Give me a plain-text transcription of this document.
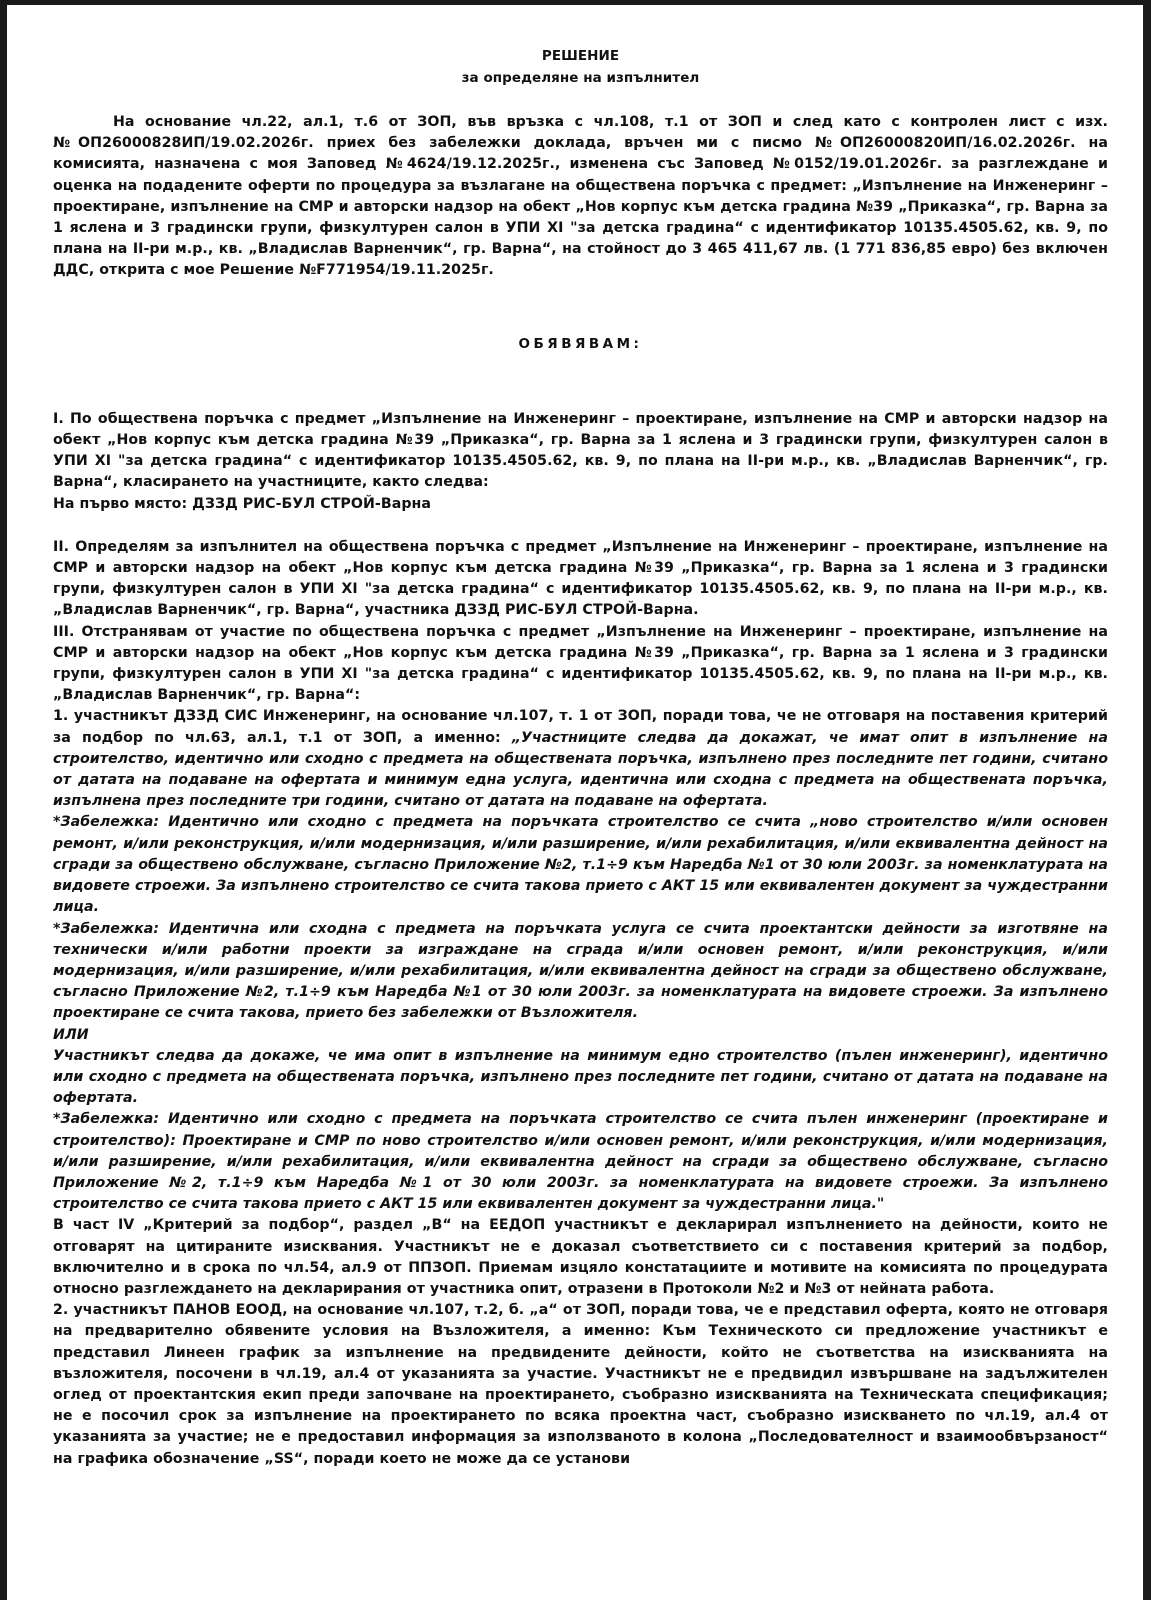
РЕШЕНИЕ
за определяне на изпълнител

На основание чл.22, ал.1, т.6 от ЗОП, във връзка с чл.108, т.1 от ЗОП и след като с контролен лист с изх. №ОП26000828ИП/19.02.2026г. приех без забележки доклада, връчен ми с писмо №ОП26000820ИП/16.02.2026г. на комисията, назначена с моя Заповед №4624/19.12.2025г., изменена със Заповед №0152/19.01.2026г. за разглеждане и оценка на подадените оферти по процедура за възлагане на обществена поръчка с предмет: „Изпълнение на Инженеринг – проектиране, изпълнение на СМР и авторски надзор на обект „Нов корпус към детска градина №39 „Приказка“, гр. Варна за 1 яслена и 3 градински групи, физкултурен салон в УПИ XI "за детска градина“ с идентификатор 10135.4505.62, кв. 9, по плана на II-ри м.р., кв. „Владислав Варненчик“, гр. Варна“, на стойност до 3 465 411,67 лв. (1 771 836,85 евро) без включен ДДС, открита с мое Решение №F771954/19.11.2025г.

ОБЯВЯВАМ:

I. По обществена поръчка с предмет „Изпълнение на Инженеринг – проектиране, изпълнение на СМР и авторски надзор на обект „Нов корпус към детска градина №39 „Приказка“, гр. Варна за 1 яслена и 3 градински групи, физкултурен салон в УПИ XI "за детска градина“ с идентификатор 10135.4505.62, кв. 9, по плана на II-ри м.р., кв. „Владислав Варненчик“, гр. Варна“, класирането на участниците, както следва:

На първо място: ДЗЗД РИС-БУЛ СТРОЙ-Варна

II. Определям за изпълнител на обществена поръчка с предмет „Изпълнение на Инженеринг – проектиране, изпълнение на СМР и авторски надзор на обект „Нов корпус към детска градина №39 „Приказка“, гр. Варна за 1 яслена и 3 градински групи, физкултурен салон в УПИ XI "за детска градина“ с идентификатор 10135.4505.62, кв. 9, по плана на II-ри м.р., кв. „Владислав Варненчик“, гр. Варна“, участника ДЗЗД РИС-БУЛ СТРОЙ-Варна.

III. Отстранявам от участие по обществена поръчка с предмет „Изпълнение на Инженеринг – проектиране, изпълнение на СМР и авторски надзор на обект „Нов корпус към детска градина №39 „Приказка“, гр. Варна за 1 яслена и 3 градински групи, физкултурен салон в УПИ XI "за детска градина“ с идентификатор 10135.4505.62, кв. 9, по плана на II-ри м.р., кв. „Владислав Варненчик“, гр. Варна“:

1. участникът ДЗЗД СИС Инженеринг, на основание чл.107, т. 1 от ЗОП, поради това, че не отговаря на поставения критерий за подбор по чл.63, ал.1, т.1 от ЗОП, а именно: „Участниците следва да докажат, че имат опит в изпълнение на строителство, идентично или сходно с предмета на обществената поръчка, изпълнено през последните пет години, считано от датата на подаване на офертата и минимум една услуга, идентична или сходна с предмета на обществената поръчка, изпълнена през последните три години, считано от датата на подаване на офертата.

*Забележка: Идентично или сходно с предмета на поръчката строителство се счита „ново строителство и/или основен ремонт, и/или реконструкция, и/или модернизация, и/или разширение, и/или рехабилитация, и/или еквивалентна дейност на сгради за обществено обслужване, съгласно Приложение №2, т.1÷9 към Наредба №1 от 30 юли 2003г. за номенклатурата на видовете строежи. За изпълнено строителство се счита такова прието с АКТ 15 или еквивалентен документ за чуждестранни лица.

*Забележка: Идентична или сходна с предмета на поръчката услуга се счита проектантски дейности за изготвяне на технически и/или работни проекти за изграждане на сграда и/или основен ремонт, и/или реконструкция, и/или модернизация, и/или разширение, и/или рехабилитация, и/или еквивалентна дейност на сгради за обществено обслужване, съгласно Приложение №2, т.1÷9 към Наредба №1 от 30 юли 2003г. за номенклатурата на видовете строежи. За изпълнено проектиране се счита такова, прието без забележки от Възложителя.

ИЛИ

Участникът следва да докаже, че има опит в изпълнение на минимум едно строителство (пълен инженеринг), идентично или сходно с предмета на обществената поръчка, изпълнено през последните пет години, считано от датата на подаване на офертата.

*Забележка: Идентично или сходно с предмета на поръчката строителство се счита пълен инженеринг (проектиране и строителство): Проектиране и СМР по ново строителство и/или основен ремонт, и/или реконструкция, и/или модернизация, и/или разширение, и/или рехабилитация, и/или еквивалентна дейност на сгради за обществено обслужване, съгласно Приложение №2, т.1÷9 към Наредба №1 от 30 юли 2003г. за номенклатурата на видовете строежи. За изпълнено строителство се счита такова прието с АКТ 15 или еквивалентен документ за чуждестранни лица."

В част IV „Критерий за подбор“, раздел „В“ на ЕЕДОП участникът е декларирал изпълнението на дейности, които не отговарят на цитираните изисквания. Участникът не е доказал съответствието си с поставения критерий за подбор, включително и в срока по чл.54, ал.9 от ППЗОП. Приемам изцяло констатациите и мотивите на комисията по процедурата относно разглеждането на декларирания от участника опит, отразени в Протоколи №2 и №3 от нейната работа.

2. участникът ПАНОВ ЕООД, на основание чл.107, т.2, б. „а“ от ЗОП, поради това, че е представил оферта, която не отговаря на предварително обявените условия на Възложителя, а именно: Към Техническото си предложение участникът е представил Линеен график за изпълнение на предвидените дейности, който не съответства на изискванията на възложителя, посочени в чл.19, ал.4 от указанията за участие. Участникът не е предвидил извършване на задължителен оглед от проектантския екип преди започване на проектирането, съобразно изискванията на Техническата спецификация; не е посочил срок за изпълнение на проектирането по всяка проектна част, съобразно изискването по чл.19, ал.4 от указанията за участие; не е предоставил информация за използваното в колона „Последователност и взаимообвързаност“ на графика обозначение „SS“, поради което не може да се установи
